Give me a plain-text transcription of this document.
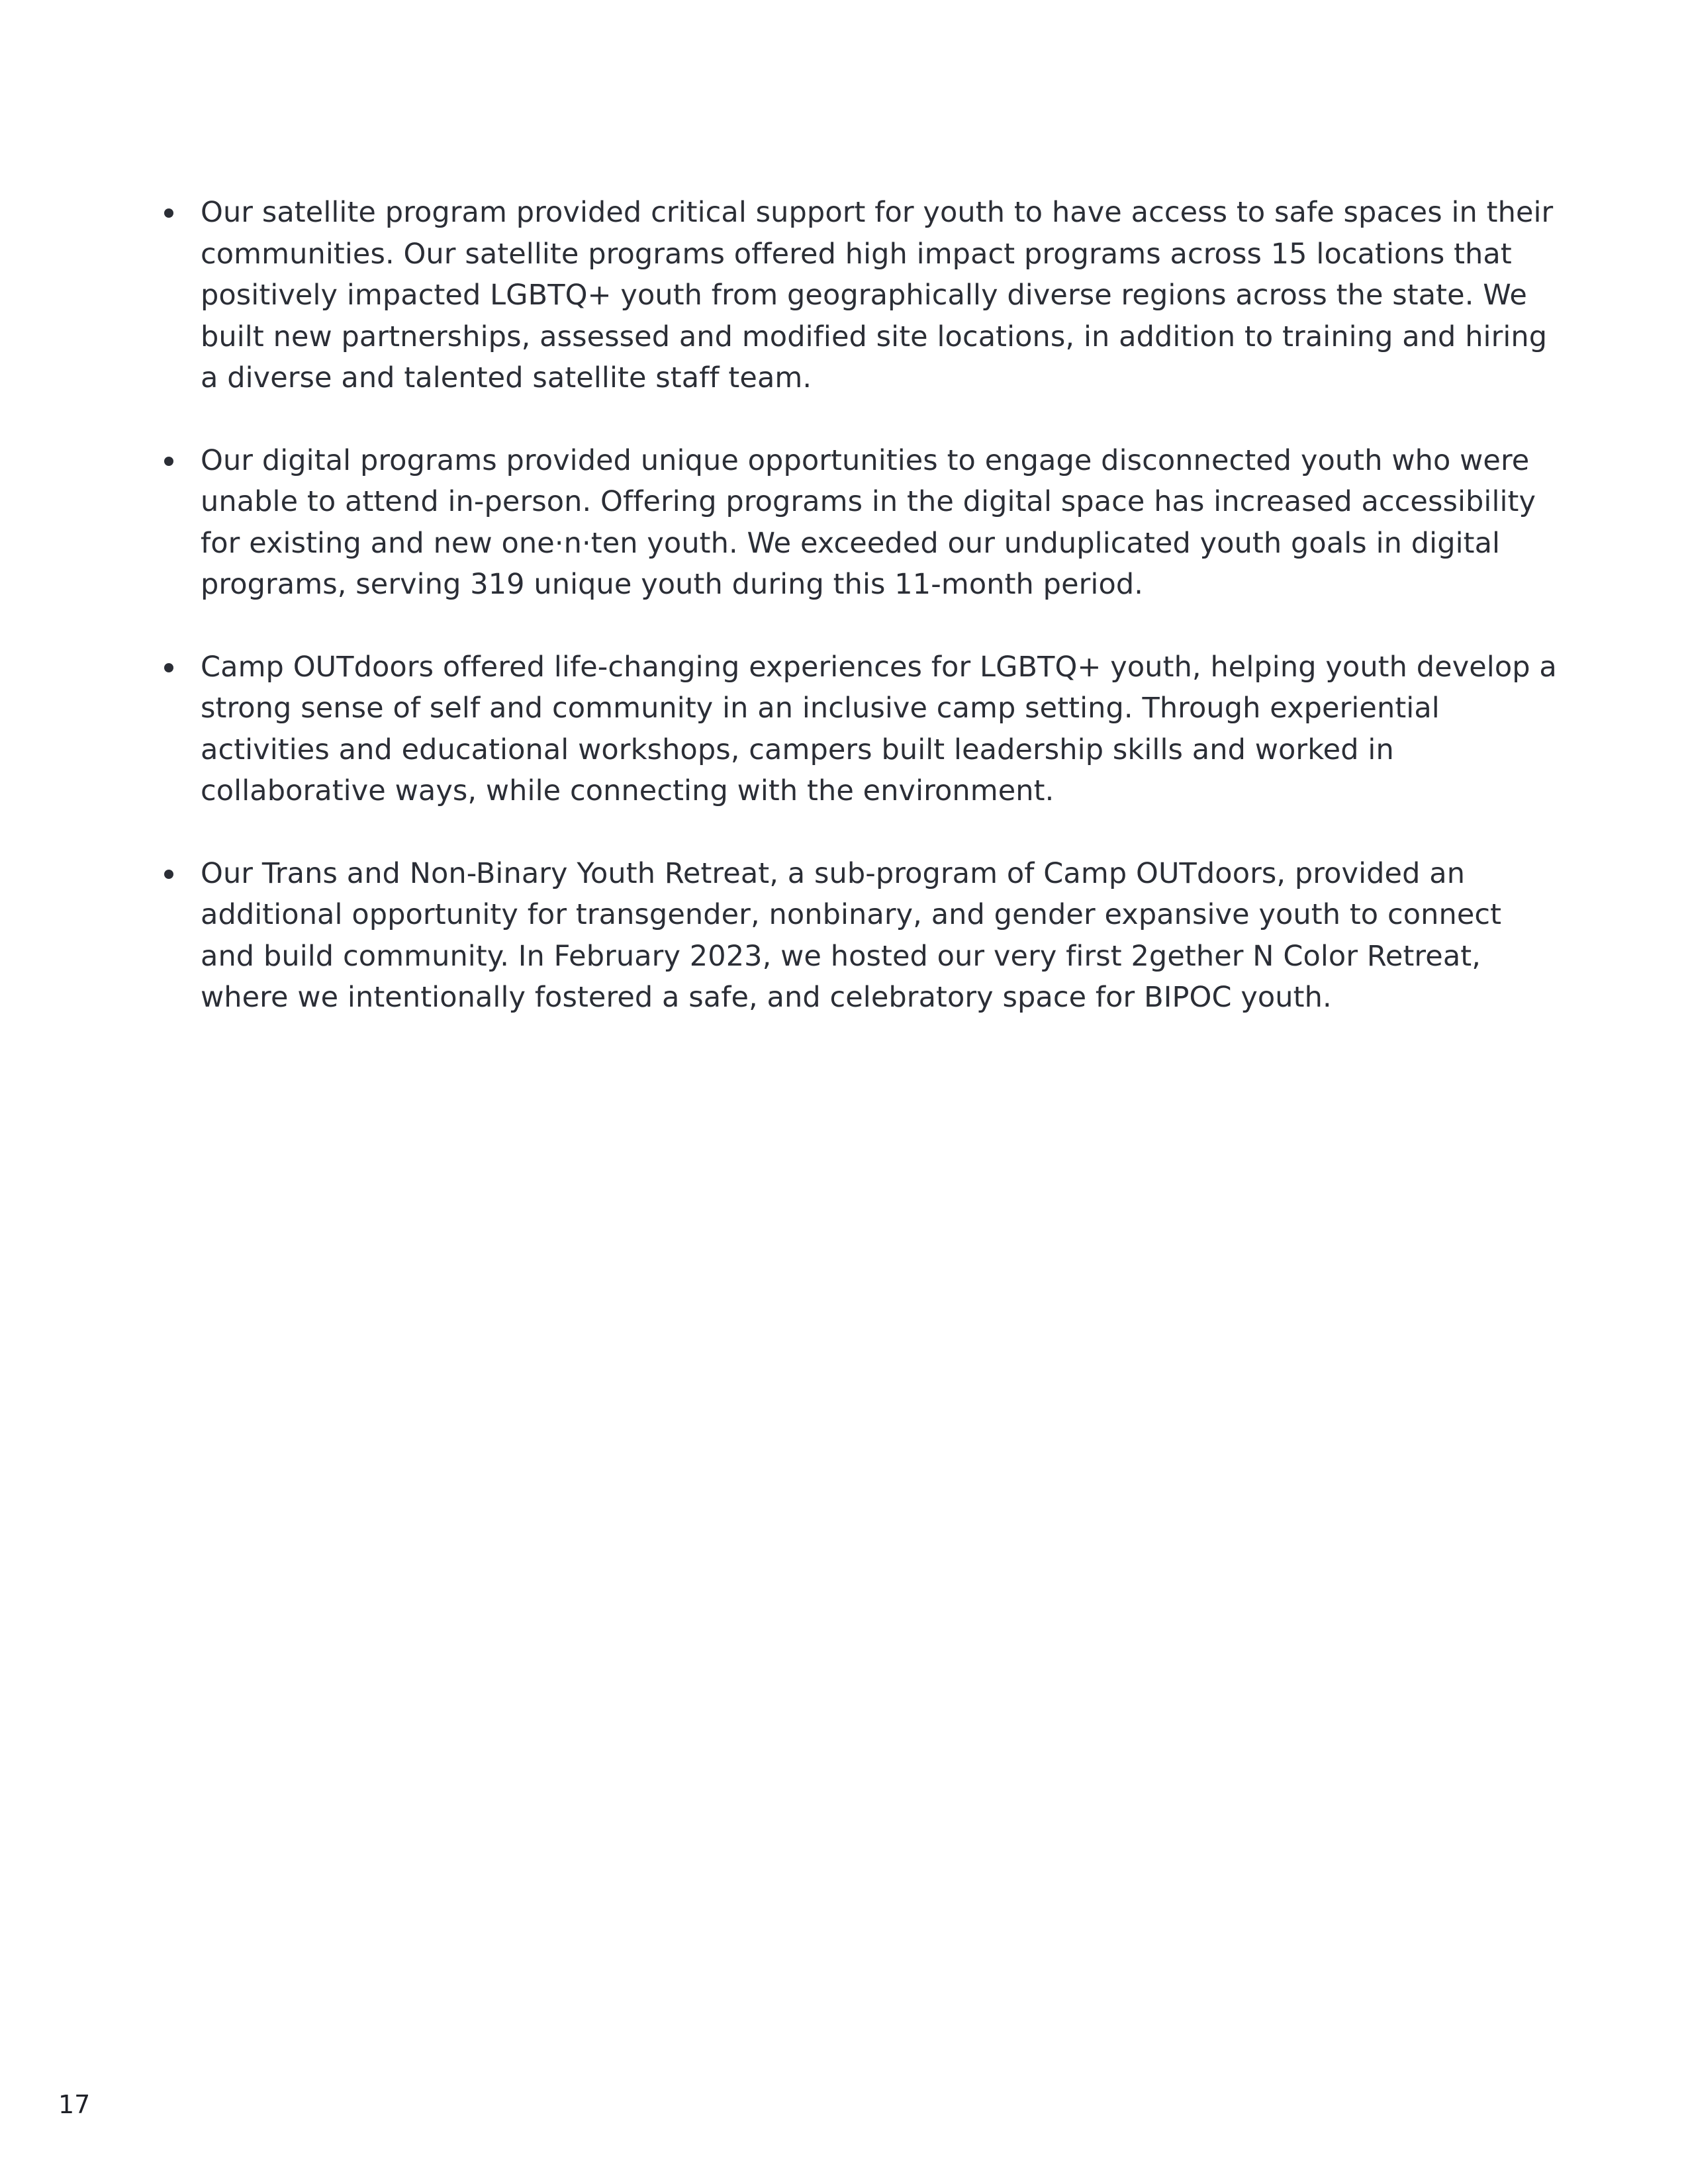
Our satellite program provided critical support for youth to have access to safe spaces in their communities. Our satellite programs offered high impact programs across 15 locations that positively impacted LGBTQ+ youth from geographically diverse regions across the state. We built new partnerships, assessed and modified site locations, in addition to training and hiring a diverse and talented satellite staff team.
Our digital programs provided unique opportunities to engage disconnected youth who were unable to attend in-person. Offering programs in the digital space has increased accessibility for existing and new one·n·ten youth. We exceeded our unduplicated youth goals in digital programs, serving 319 unique youth during this 11-month period.
Camp OUTdoors offered life-changing experiences for LGBTQ+ youth, helping youth develop a strong sense of self and community in an inclusive camp setting. Through experiential activities and educational workshops, campers built leadership skills and worked in collaborative ways, while connecting with the environment.
Our Trans and Non-Binary Youth Retreat, a sub-program of Camp OUTdoors, provided an additional opportunity for transgender, nonbinary, and gender expansive youth to connect and build community. In February 2023, we hosted our very first 2gether N Color Retreat, where we intentionally fostered a safe, and celebratory space for BIPOC youth.
17
